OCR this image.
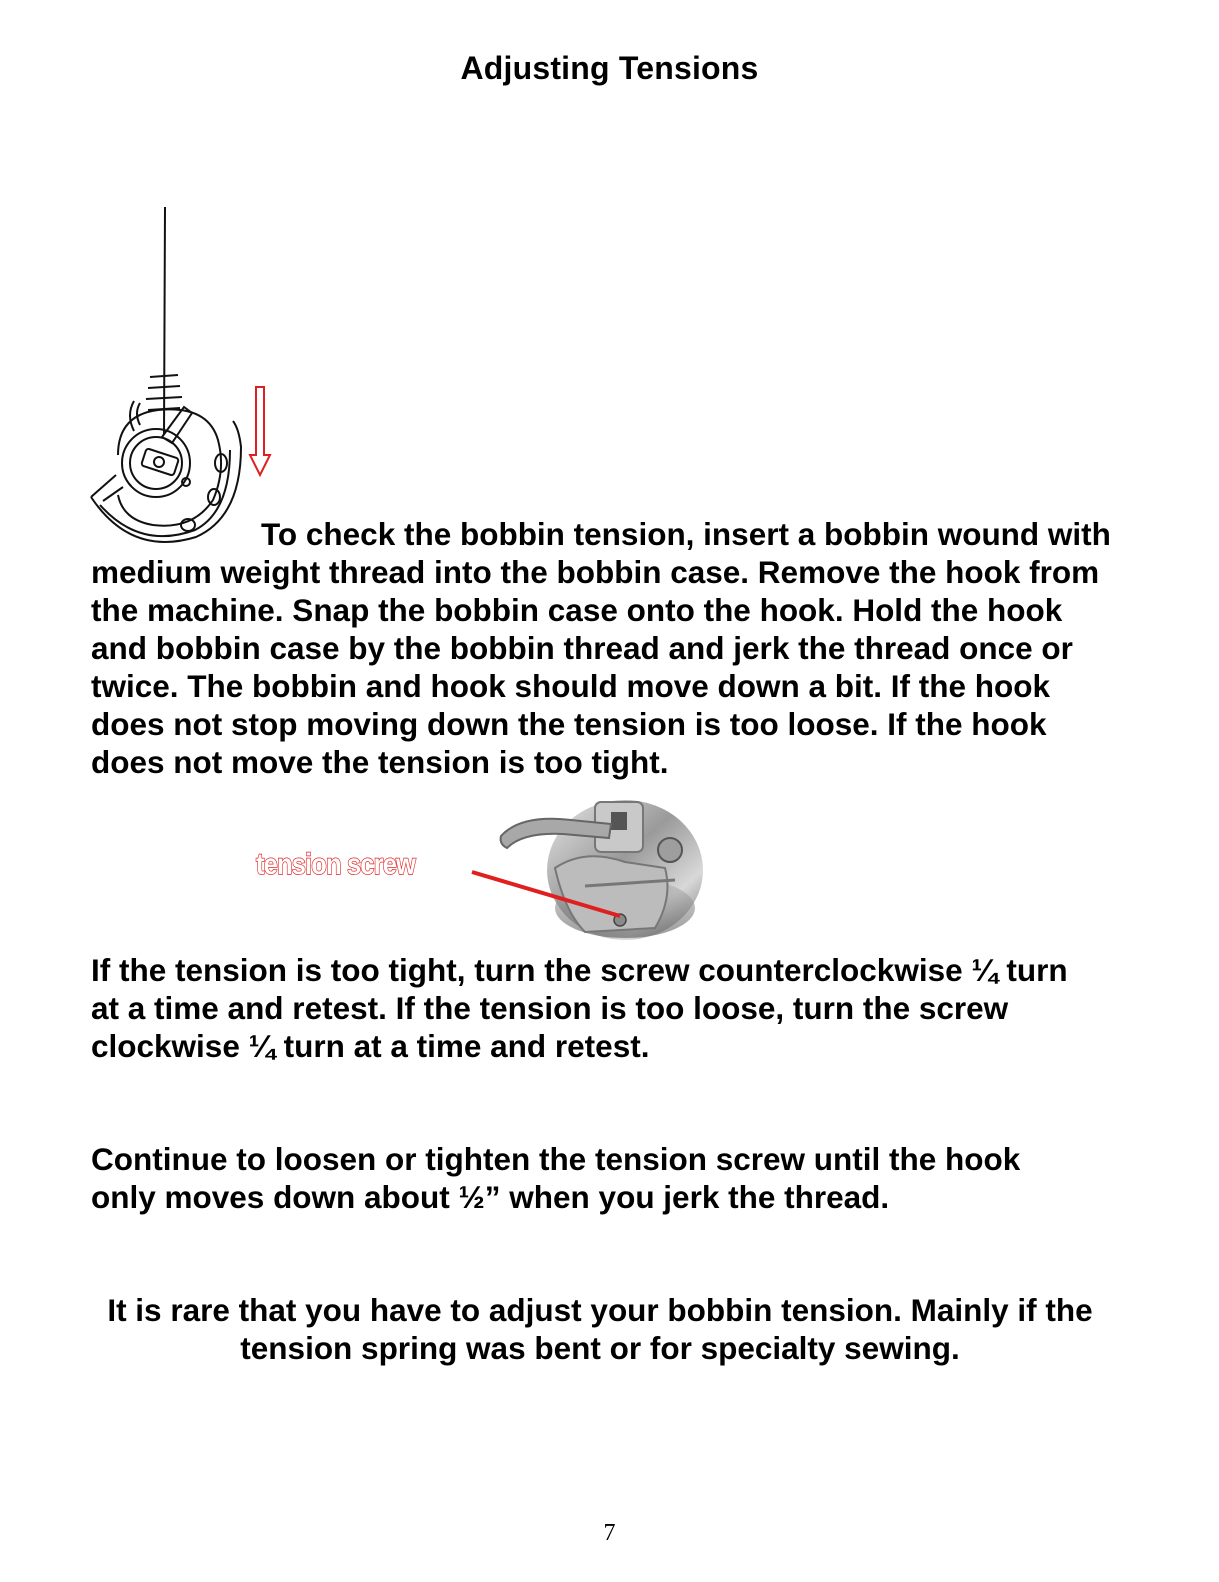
Adjusting Tensions

To check the bobbin tension, insert a bobbin wound with medium weight thread into the bobbin case. Remove the hook from the machine. Snap the bobbin case onto the hook. Hold the hook and bobbin case by the bobbin thread and jerk the thread once or twice. The bobbin and hook should move down a bit. If the hook does not stop moving down the tension is too loose. If the hook does not move the tension is too tight.

tension screw

If the tension is too tight, turn the screw counterclockwise ¼ turn at a time and retest. If the tension is too loose, turn the screw clockwise ¼ turn at a time and retest.

Continue to loosen or tighten the tension screw until the hook only moves down about ½” when you jerk the thread.

It is rare that you have to adjust your bobbin tension. Mainly if the tension spring was bent or for specialty sewing.

7
